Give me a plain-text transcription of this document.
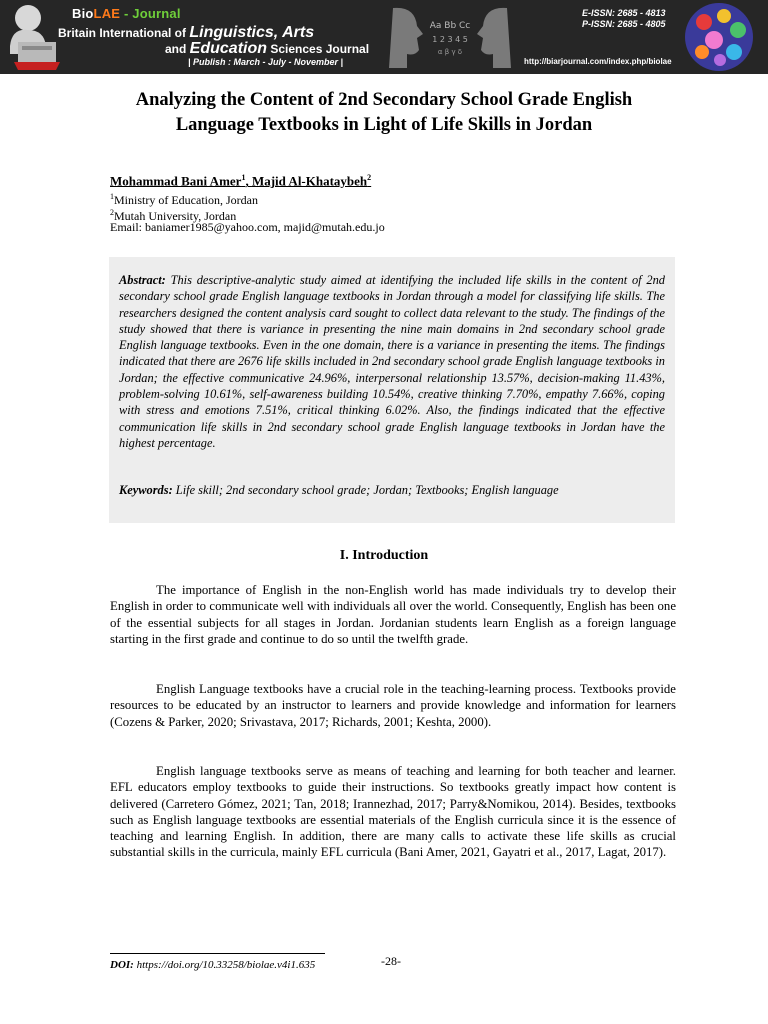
BioLAE - Journal
Britain International of Linguistics, Arts
and Education Sciences Journal
| Publish : March - July - November |
Aa Bb Cc
1 2 3 4 5
α β γ δ
E-ISSN: 2685 - 4813
P-ISSN: 2685 - 4805
http://biarjournal.com/index.php/biolae
Analyzing the Content of 2nd Secondary School Grade English Language Textbooks in Light of Life Skills in Jordan
Mohammad Bani Amer$^1$, Majid Al-Khataybeh$^2$
$^1$Ministry of Education, Jordan
$^2$Mutah University, Jordan
Email: baniamer1985@yahoo.com, majid@mutah.edu.jo
Abstract: This descriptive-analytic study aimed at identifying the included life skills in the content of 2nd secondary school grade English language textbooks in Jordan through a model for classifying life skills. The researchers designed the content analysis card sought to collect data relevant to the study. The findings of the study showed that there is variance in presenting the nine main domains in 2nd secondary school grade English language textbooks. Even in the one domain, there is a variance in presenting the items. The findings indicated that there are 2676 life skills included in 2nd secondary school grade English language textbooks in Jordan; the effective communicative 24.96%, interpersonal relationship 13.57%, decision-making 11.43%, problem-solving 10.61%, self-awareness building 10.54%, creative thinking 7.70%, empathy 7.66%, coping with stress and emotions 7.51%, critical thinking 6.02%. Also, the findings indicated that the effective communication life skills in 2nd secondary school grade English language textbooks in Jordan have the highest percentage.
Keywords: Life skill; 2nd secondary school grade; Jordan; Textbooks; English language
I. Introduction
The importance of English in the non-English world has made individuals try to develop their English in order to communicate well with individuals all over the world. Consequently, English has been one of the essential subjects for all stages in Jordan. Jordanian students learn English as a foreign language starting in the first grade and continue to do so until the twelfth grade.
English Language textbooks have a crucial role in the teaching-learning process. Textbooks provide resources to be educated by an instructor to learners and provide knowledge and information for learners (Cozens & Parker, 2020; Srivastava, 2017; Richards, 2001; Keshta, 2000).
English language textbooks serve as means of teaching and learning for both teacher and learner. EFL educators employ textbooks to guide their instructions. So textbooks greatly impact how content is delivered (Carretero Gómez, 2021; Tan, 2018; Irannezhad, 2017; Parry&Nomikou, 2014). Besides, textbooks such as English language textbooks are essential materials of the English curricula since it is the essence of teaching and learning English. In addition, there are many calls to activate these life skills as crucial substantial skills in the curricula, mainly EFL curricula (Bani Amer, 2021, Gayatri et al., 2017, Lagat, 2017).
DOI: https://doi.org/10.33258/biolae.v4i1.635	-28-
